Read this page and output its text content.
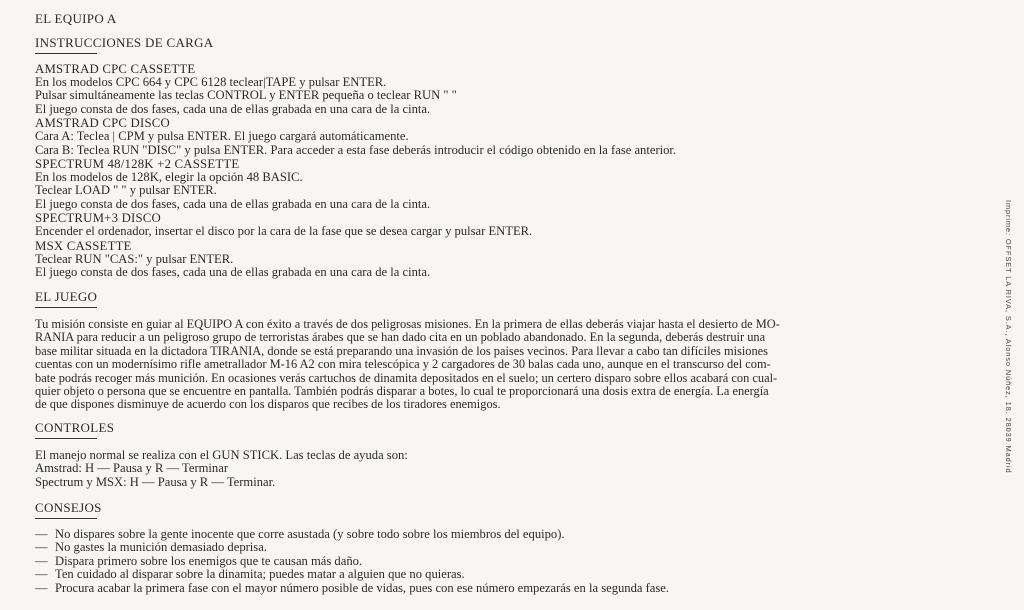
EL EQUIPO A
INSTRUCCIONES DE CARGA
AMSTRAD CPC CASSETTE
En los modelos CPC 664 y CPC 6128 teclear|TAPE y pulsar ENTER.
Pulsar simultáneamente las teclas CONTROL y ENTER pequeña o teclear RUN " "
El juego consta de dos fases, cada una de ellas grabada en una cara de la cinta.
AMSTRAD CPC DISCO
Cara A: Teclea | CPM y pulsa ENTER. El juego cargará automáticamente.
Cara B: Teclea RUN "DISC" y pulsa ENTER. Para acceder a esta fase deberás introducir el código obtenido en la fase anterior.
SPECTRUM 48/128K +2 CASSETTE
En los modelos de 128K, elegir la opción 48 BASIC.
Teclear LOAD " " y pulsar ENTER.
El juego consta de dos fases, cada una de ellas grabada en una cara de la cinta.
SPECTRUM+3 DISCO
Encender el ordenador, insertar el disco por la cara de la fase que se desea cargar y pulsar ENTER.
MSX CASSETTE
Teclear RUN "CAS:" y pulsar ENTER.
El juego consta de dos fases, cada una de ellas grabada en una cara de la cinta.
EL JUEGO
Tu misión consiste en guiar al EQUIPO A con éxito a través de dos peligrosas misiones. En la primera de ellas deberás viajar hasta el desierto de MO-
RANIA para reducir a un peligroso grupo de terroristas árabes que se han dado cita en un poblado abandonado. En la segunda, deberás destruir una
base militar situada en la dictadora TIRANIA, donde se está preparando una invasión de los paises vecinos. Para llevar a cabo tan difíciles misiones
cuentas con un modernísimo rifle ametrallador M-16 A2 con mira telescópica y 2 cargadores de 30 balas cada uno, aunque en el transcurso del com-
bate podrás recoger más munición. En ocasiones verás cartuchos de dinamita depositados en el suelo; un certero disparo sobre ellos acabará con cual-
quier objeto o persona que se encuentre en pantalla. También podrás disparar a botes, lo cual te proporcionará una dosis extra de energía. La energía
de que dispones disminuye de acuerdo con los disparos que recibes de los tiradores enemigos.
CONTROLES
El manejo normal se realiza con el GUN STICK. Las teclas de ayuda son:
Amstrad: H — Pausa y R — Terminar
Spectrum y MSX: H — Pausa y R — Terminar.
CONSEJOS
— No dispares sobre la gente inocente que corre asustada (y sobre todo sobre los miembros del equipo).
— No gastes la munición demasiado deprisa.
— Dispara primero sobre los enemigos que te causan más daño.
— Ten cuidado al disparar sobre la dinamita; puedes matar a alguien que no quieras.
— Procura acabar la primera fase con el mayor número posible de vidas, pues con ese número empezarás en la segunda fase.
Imprime: OFFSET LA RIVA, S.A., Alonso Núñez, 18. 28039 Madrid
